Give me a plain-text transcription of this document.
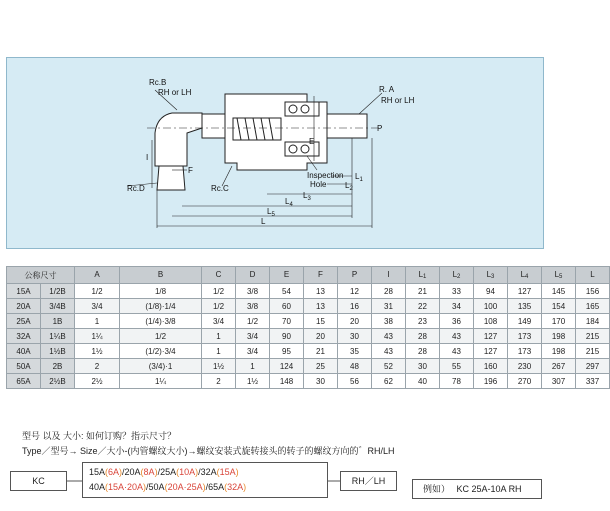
Rc.B
RH or LH	R. A
RH or LH
I
F
Rc.D	Rc.C
E
Inspection
Hole
$L_1$
$L_2$
$L_3$
$L_4$
$L_5$
L
P
公称尺寸		A	B	C	D	E	F	P	I	$L_1$	$L_2$	$L_3$	$L_4$	$L_5$	L
15A	1/2B	1/2	1/8	1/2	3/8	54	13	12	28	21	33	94	127	145	156
20A	3/4B	3/4	(1/8)·1/4	1/2	3/8	60	13	16	31	22	34	100	135	154	165
25A	1B	1	(1/4)·3/8	3/4	1/2	70	15	20	38	23	36	108	149	170	184
32A	1¼B	1¼	1/2	1	3/4	90	20	30	43	28	43	127	173	198	215
40A	1½B	1½	(1/2)·3/4	1	3/4	95	21	35	43	28	43	127	173	198	215
50A	2B	2	(3/4)·1	1½	1	124	25	48	52	30	55	160	230	267	297
65A	2½B	2½	1¼	2	1½	148	30	56	62	40	78	196	270	307	337
型号 以及 大小: 如何订购？指示尺寸？
Type／型号→ Size／大小-(内管螺纹大小)→螺纹安装式旋转接头的转子的螺纹方向的゛RH/LH
KC
15A(6A)/20A(8A)/25A(10A)/32A(15A)
40A(15A·20A)/50A(20A·25A)/65A(32A)
RH／LH
例如） KC 25A-10A RH
